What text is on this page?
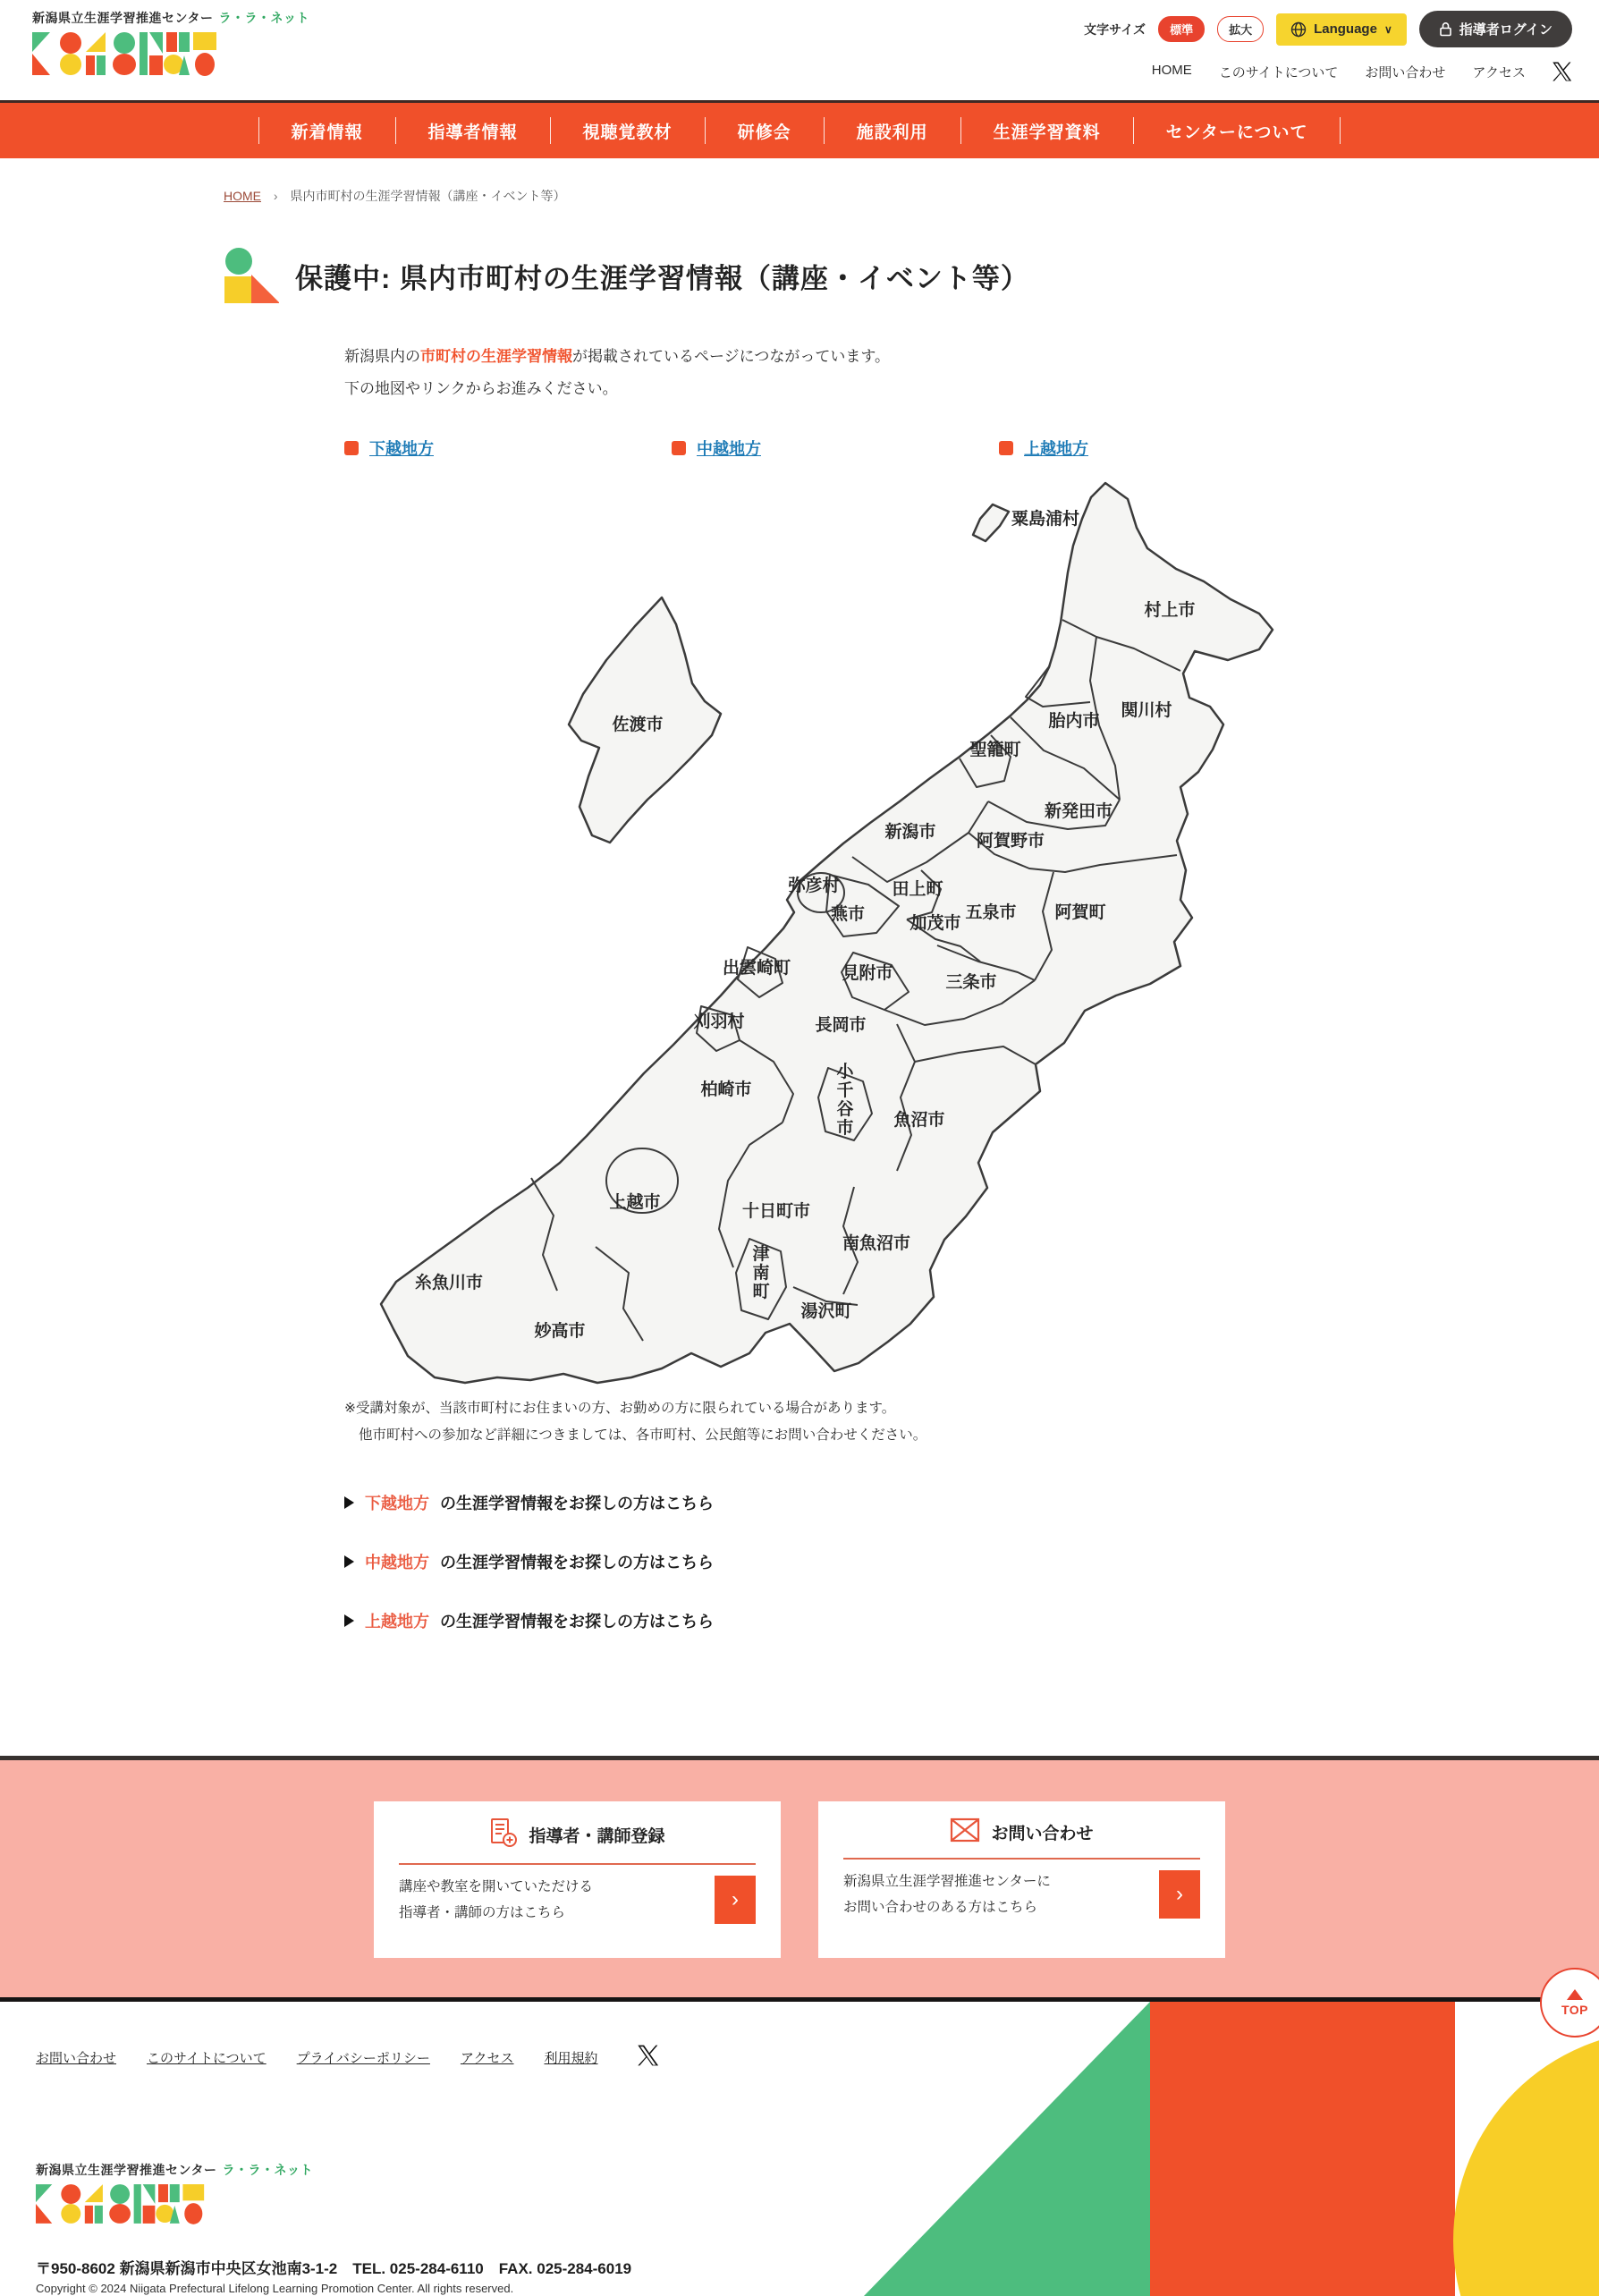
新潟県立生涯学習推進センター ラ・ラ・ネット
文字サイズ	標準	拡大	Language ∨	指導者ログイン
HOME このサイトについて お問い合わせ アクセス
新着情報	指導者情報	視聴覚教材	研修会	施設利用	生涯学習資料	センターについて
HOME › 県内市町村の生涯学習情報（講座・イベント等）
保護中: 県内市町村の生涯学習情報（講座・イベント等）

新潟県内の市町村の生涯学習情報が掲載されているページにつながっています。

下の地図やリンクからお進みください。

下越地方	中越地方	上越地方
粟島浦村
村上市
関川村
胎内市
聖籠町
新発田市
新潟市 阿賀野市
佐渡市
弥彦村
燕市
田上町
加茂市
五泉市 阿賀町
出雲崎町	見附市	三条市
刈羽村	長岡市
柏崎市
小千谷市 魚沼市
上越市	十日町市
南魚沼市
糸魚川市
妙高市
津南町
湯沢町
※受講対象が、当該市町村にお住まいの方、お勤めの方に限られている場合があります。
他市町村への参加など詳細につきましては、各市町村、公民館等にお問い合わせください。
下越地方 の生涯学習情報をお探しの方はこちら
中越地方 の生涯学習情報をお探しの方はこちら
上越地方 の生涯学習情報をお探しの方はこちら
指導者・講師登録
講座や教室を開いていただける
指導者・講師の方はこちら
›
お問い合わせ
新潟県立生涯学習推進センターに
お問い合わせのある方はこちら
›
お問い合わせ このサイトについて プライバシーポリシー アクセス 利用規約
新潟県立生涯学習推進センター ラ・ラ・ネット
〒950-8602 新潟県新潟市中央区女池南3-1-2　TEL. 025-284-6110　FAX. 025-284-6019
Copyright © 2024 Niigata Prefectural Lifelong Learning Promotion Center. All rights reserved.
TOP
